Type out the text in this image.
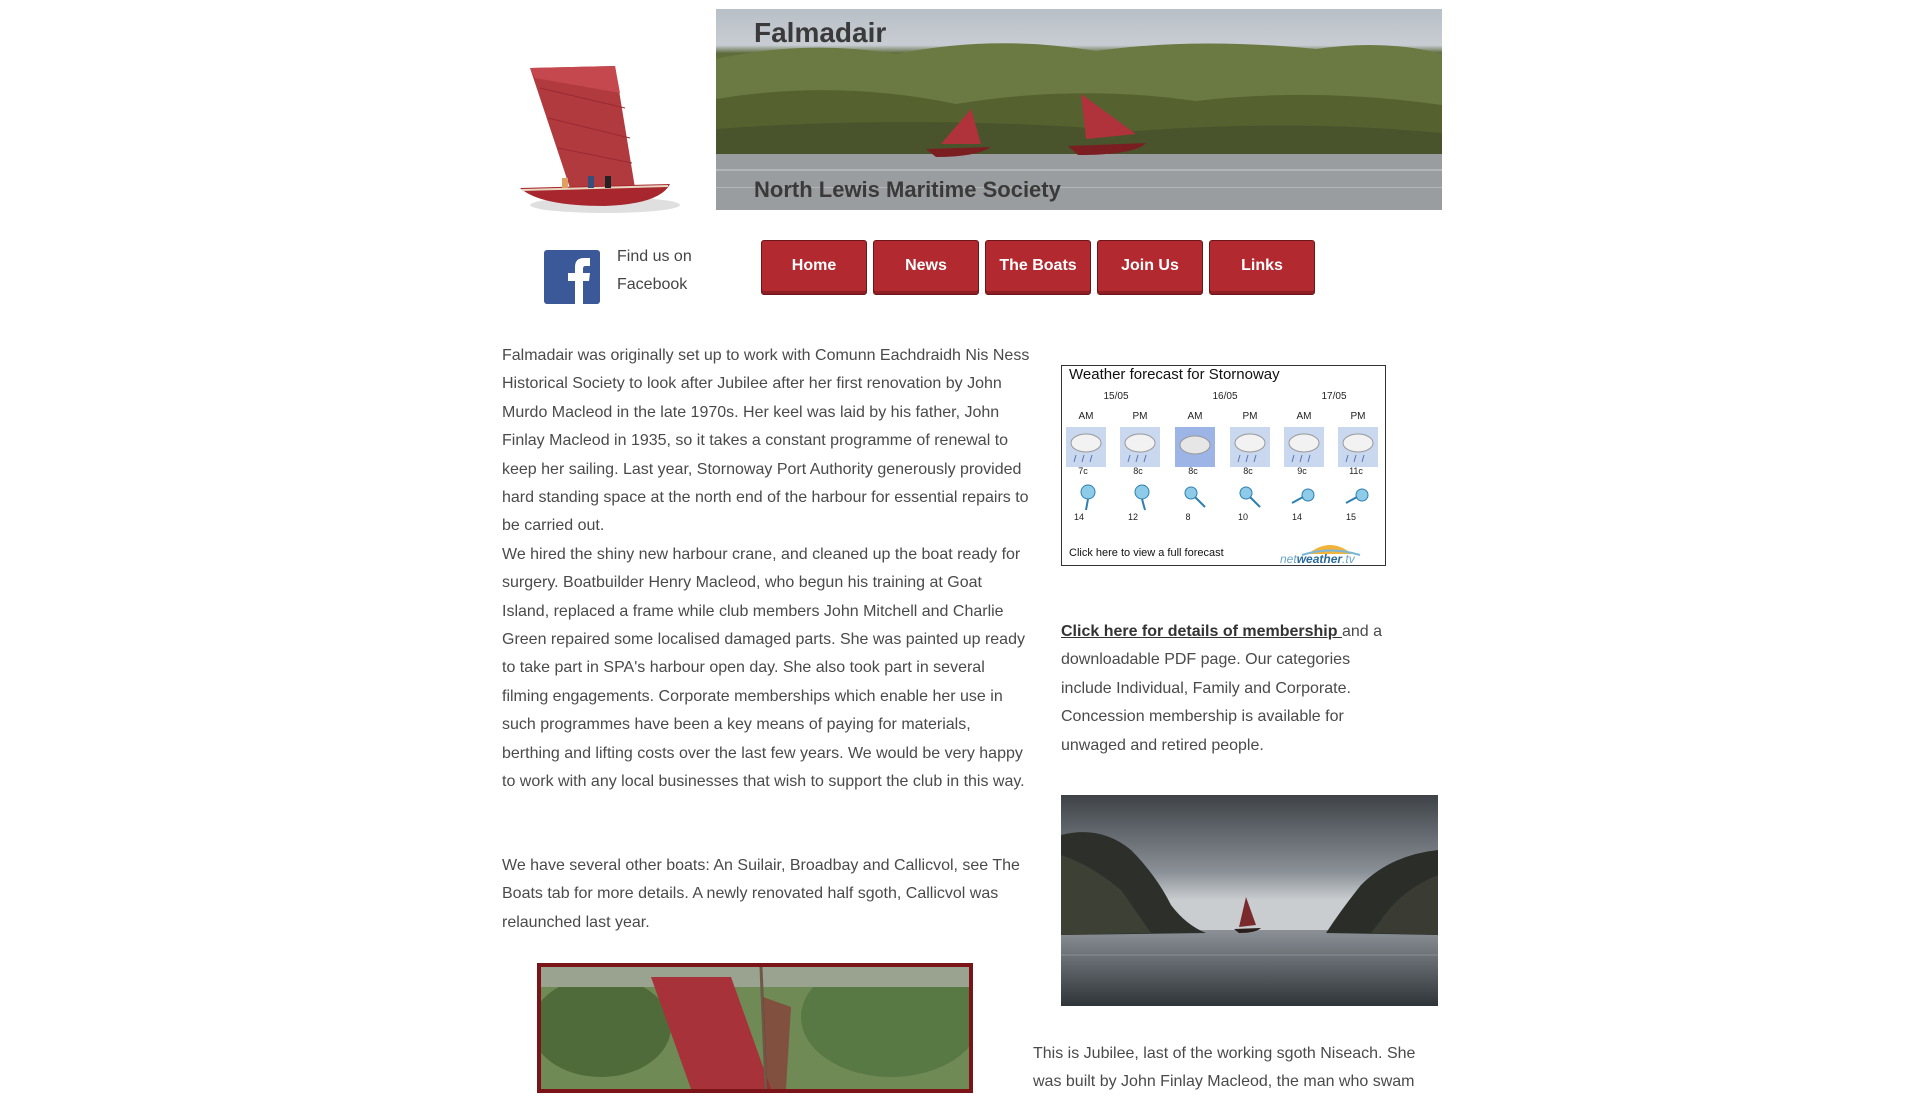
Falmadair
North Lewis Maritime Society
Find us on
Facebook
Home	News	The Boats	Join Us	Links
Falmadair was originally set up to work with Comunn Eachdraidh Nis Ness Historical Society to look after Jubilee after her first renovation by John Murdo Macleod in the late 1970s. Her keel was laid by his father, John Finlay Macleod in 1935, so it takes a constant programme of renewal to keep her sailing. Last year, Stornoway Port Authority generously provided hard standing space at the north end of the harbour for essential repairs to be carried out.
We hired the shiny new harbour crane, and cleaned up the boat ready for surgery. Boatbuilder Henry Macleod, who begun his training at Goat Island, replaced a frame while club members John Mitchell and Charlie Green repaired some localised damaged parts. She was painted up ready to take part in SPA's harbour open day. She also took part in several filming engagements. Corporate memberships which enable her use in such programmes have been a key means of paying for materials, berthing and lifting costs over the last few years. We would be very happy to work with any local businesses that wish to support the club in this way.
We have several other boats: An Suilair, Broadbay and Callicvol, see The Boats tab for more details. A newly renovated half sgoth, Callicvol was relaunched last year.
Weather forecast for Stornoway
15/05	16/05	17/05
AM	PM	AM	PM	AM	PM
7c	8c	8c	8c	9c	11c
14	12	8	10	14	15
Click here to view a full forecast	netweather.tv
Click here for details of membership and a downloadable PDF page. Our categories include Individual, Family and Corporate. Concession membership is available for unwaged and retired people.
This is Jubilee, last of the working sgoth Niseach. She was built by John Finlay Macleod, the man who swam
